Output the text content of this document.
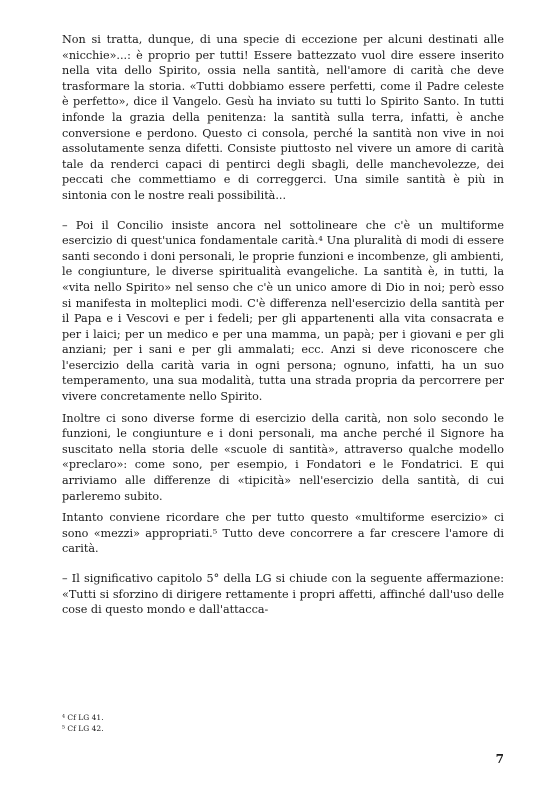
Non si tratta, dunque, di una specie di eccezione per alcuni destinati alle «nicchie»...: è proprio per tutti! Essere battezzato vuol dire essere inserito nella vita dello Spirito, ossia nella santità, nell'amore di carità che deve trasformare la storia. «Tutti dobbiamo essere perfetti, come il Padre celeste è perfetto», dice il Vangelo. Gesù ha inviato su tutti lo Spirito Santo. In tutti infonde la grazia della penitenza: la santità sulla terra, infatti, è anche conversione e perdono. Questo ci consola, perché la santità non vive in noi assolutamente senza difetti. Consiste piuttosto nel vivere un amore di carità tale da renderci capaci di pentirci degli sbagli, delle manchevolezze, dei peccati che commettiamo e di correggerci. Una simile santità è più in sintonia con le nostre reali possibilità...

– Poi il Concilio insiste ancora nel sottolineare che c'è un multiforme esercizio di quest'unica fondamentale carità.⁴ Una pluralità di modi di essere santi secondo i doni personali, le proprie funzioni e incombenze, gli ambienti, le congiunture, le diverse spiritualità evangeliche. La santità è, in tutti, la «vita nello Spirito» nel senso che c'è un unico amore di Dio in noi; però esso si manifesta in molteplici modi. C'è differenza nell'esercizio della santità per il Papa e i Vescovi e per i fedeli; per gli appartenenti alla vita consacrata e per i laici; per un medico e per una mamma, un papà; per i giovani e per gli anziani; per i sani e per gli ammalati; ecc. Anzi si deve riconoscere che l'esercizio della carità varia in ogni persona; ognuno, infatti, ha un suo temperamento, una sua modalità, tutta una strada propria da percorrere per vivere concretamente nello Spirito.

Inoltre ci sono diverse forme di esercizio della carità, non solo secondo le funzioni, le congiunture e i doni personali, ma anche perché il Signore ha suscitato nella storia delle «scuole di santità», attraverso qualche modello «preclaro»: come sono, per esempio, i Fondatori e le Fondatrici. E qui arriviamo alle differenze di «tipicità» nell'esercizio della santità, di cui parleremo subito.

Intanto conviene ricordare che per tutto questo «multiforme esercizio» ci sono «mezzi» appropriati.⁵ Tutto deve concorrere a far crescere l'amore di carità.

– Il significativo capitolo 5° della LG si chiude con la seguente affermazione: «Tutti si sforzino di dirigere rettamente i propri affetti, affinché dall'uso delle cose di questo mondo e dall'attacca-

⁴ Cf LG 41.
⁵ Cf LG 42.
7
